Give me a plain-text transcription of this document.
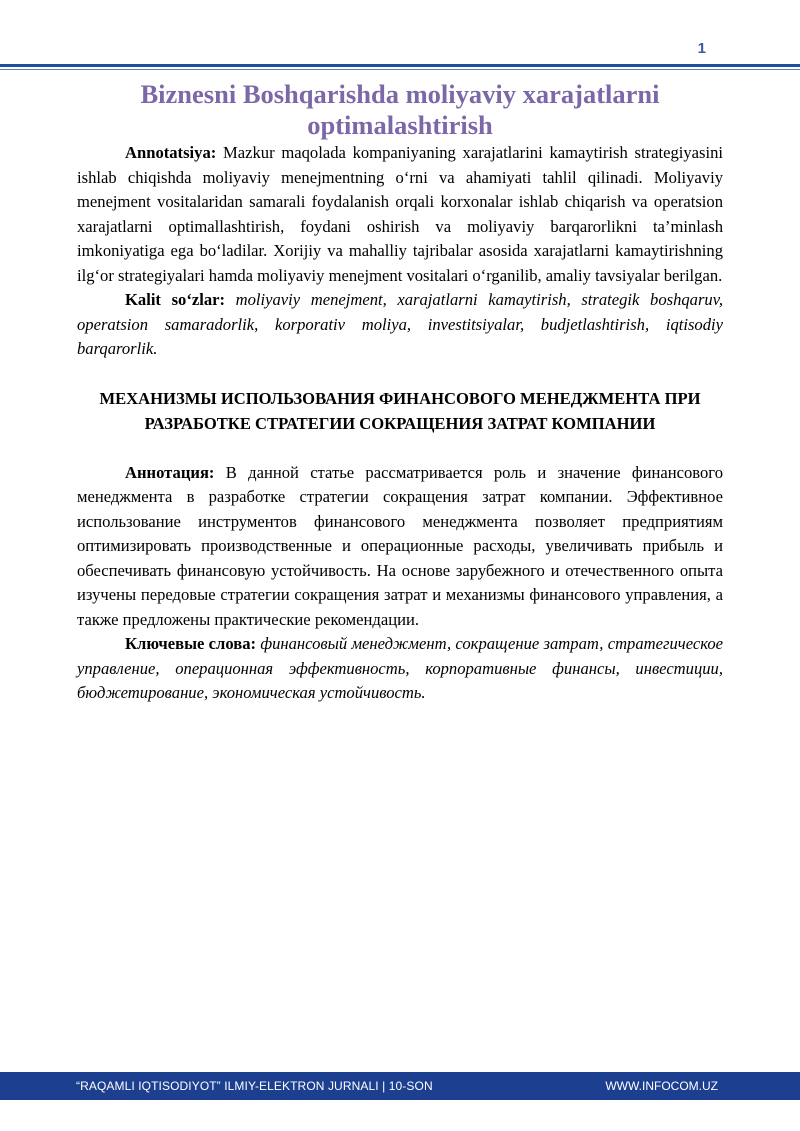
1
Biznesni Boshqarishda moliyaviy xarajatlarni optimalashtirish

Annotatsiya: Mazkur maqolada kompaniyaning xarajatlarini kamaytirish strategiyasini ishlab chiqishda moliyaviy menejmentning o‘rni va ahamiyati tahlil qilinadi. Moliyaviy menejment vositalaridan samarali foydalanish orqali korxonalar ishlab chiqarish va operatsion xarajatlarni optimallashtirish, foydani oshirish va moliyaviy barqarorlikni ta’minlash imkoniyatiga ega bo‘ladilar. Xorijiy va mahalliy tajribalar asosida xarajatlarni kamaytirishning ilg‘or strategiyalari hamda moliyaviy menejment vositalari o‘rganilib, amaliy tavsiyalar berilgan.

Kalit so‘zlar: moliyaviy menejment, xarajatlarni kamaytirish, strategik boshqaruv, operatsion samaradorlik, korporativ moliya, investitsiyalar, budjetlashtirish, iqtisodiy barqarorlik.

МЕХАНИЗМЫ ИСПОЛЬЗОВАНИЯ ФИНАНСОВОГО МЕНЕДЖМЕНТА ПРИ РАЗРАБОТКЕ СТРАТЕГИИ СОКРАЩЕНИЯ ЗАТРАТ КОМПАНИИ

Аннотация: В данной статье рассматривается роль и значение финансового менеджмента в разработке стратегии сокращения затрат компании. Эффективное использование инструментов финансового менеджмента позволяет предприятиям оптимизировать производственные и операционные расходы, увеличивать прибыль и обеспечивать финансовую устойчивость. На основе зарубежного и отечественного опыта изучены передовые стратегии сокращения затрат и механизмы финансового управления, а также предложены практические рекомендации.

Ключевые слова: финансовый менеджмент, сокращение затрат, стратегическое управление, операционная эффективность, корпоративные финансы, инвестиции, бюджетирование, экономическая устойчивость.

“RAQAMLI IQTISODIYOT” ILMIY-ELEKTRON JURNALI | 10-SON	WWW.INFOCOM.UZ
